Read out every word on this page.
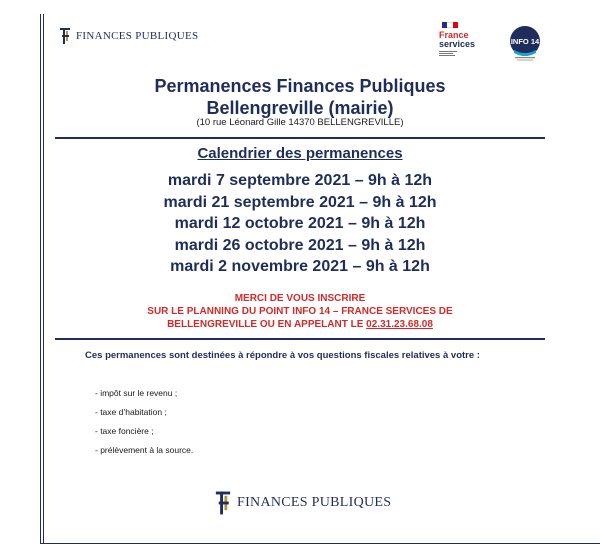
FINANCES PUBLIQUES	France
services	INFO 14
Permanences Finances Publiques
Bellengreville (mairie)
(10 rue Léonard Gille 14370 BELLENGREVILLE)
Calendrier des permanences
mardi 7 septembre 2021 – 9h à 12h
mardi 21 septembre 2021 – 9h à 12h
mardi 12 octobre 2021 – 9h à 12h
mardi 26 octobre 2021 – 9h à 12h
mardi 2 novembre 2021 – 9h à 12h
MERCI DE VOUS INSCRIRE
SUR LE PLANNING DU POINT INFO 14 – FRANCE SERVICES DE
BELLENGREVILLE OU EN APPELANT LE 02.31.23.68.08
Ces permanences sont destinées à répondre à vos questions fiscales relatives à votre :
- impôt sur le revenu ;
- taxe d’habitation ;
- taxe foncière ;
- prélèvement à la source.
FINANCES PUBLIQUES
